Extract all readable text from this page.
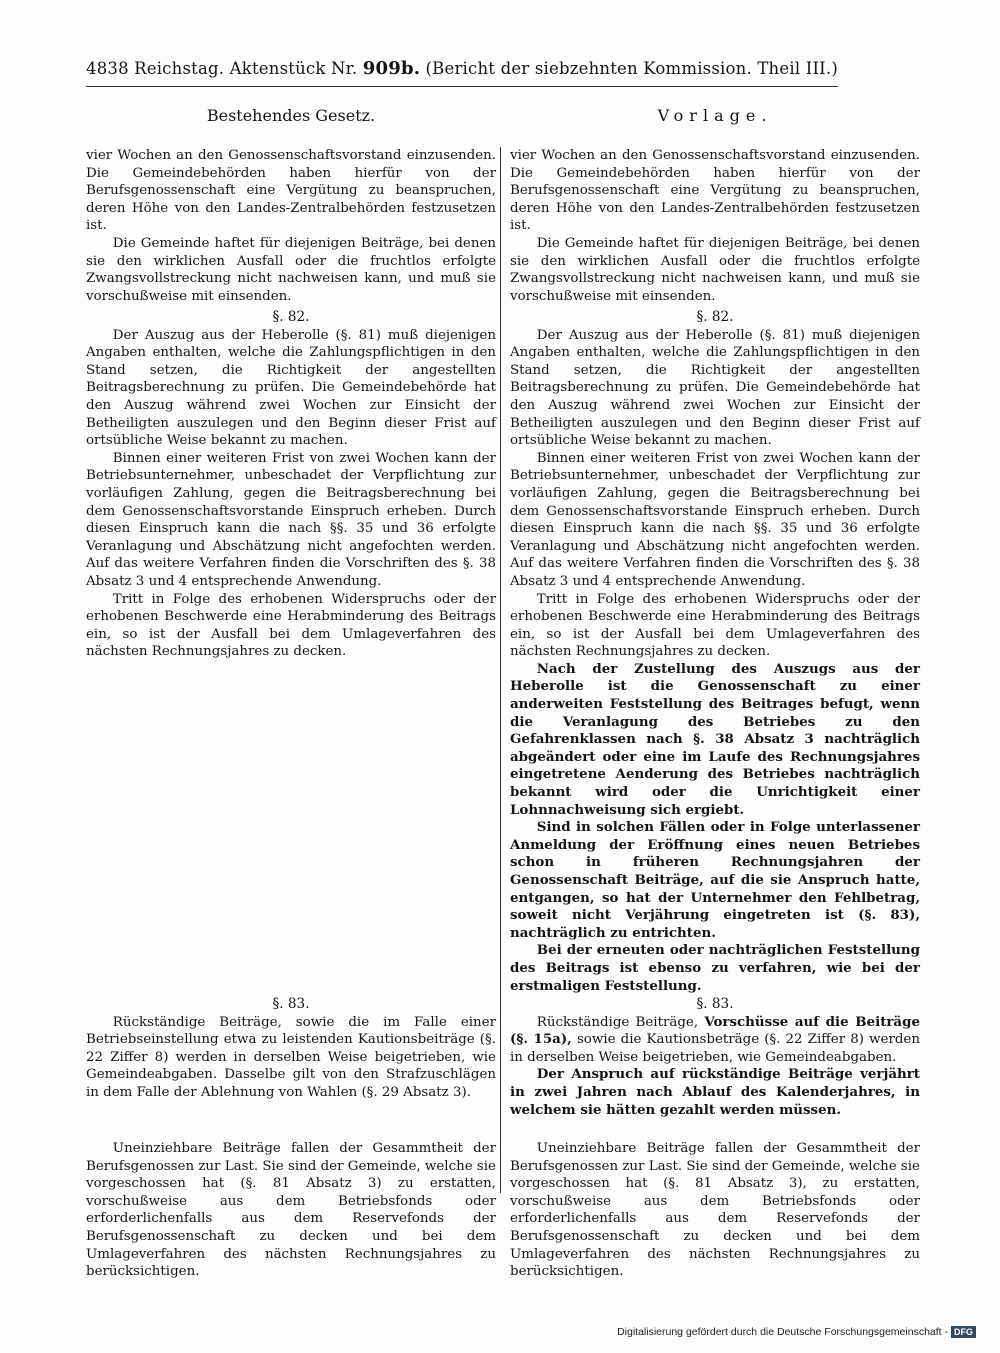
4838 Reichstag. Aktenstück Nr. 909b. (Bericht der siebzehnten Kommission. Theil III.)
Bestehendes Gesetz.	Vorlage.

vier Wochen an den Genossenschaftsvorstand einzusenden. Die Gemeindebehörden haben hierfür von der Berufsgenossenschaft eine Vergütung zu beanspruchen, deren Höhe von den Landes-Zentralbehörden festzusetzen ist.

Die Gemeinde haftet für diejenigen Beiträge, bei denen sie den wirklichen Ausfall oder die fruchtlos erfolgte Zwangsvollstreckung nicht nachweisen kann, und muß sie vorschußweise mit einsenden.

§. 82.

Der Auszug aus der Heberolle (§. 81) muß diejenigen Angaben enthalten, welche die Zahlungspflichtigen in den Stand setzen, die Richtigkeit der angestellten Beitragsberechnung zu prüfen. Die Gemeindebehörde hat den Auszug während zwei Wochen zur Einsicht der Betheiligten auszulegen und den Beginn dieser Frist auf ortsübliche Weise bekannt zu machen.

Binnen einer weiteren Frist von zwei Wochen kann der Betriebsunternehmer, unbeschadet der Verpflichtung zur vorläufigen Zahlung, gegen die Beitragsberechnung bei dem Genossenschaftsvorstande Einspruch erheben. Durch diesen Einspruch kann die nach §§. 35 und 36 erfolgte Veranlagung und Abschätzung nicht angefochten werden. Auf das weitere Verfahren finden die Vorschriften des §. 38 Absatz 3 und 4 entsprechende Anwendung.

Tritt in Folge des erhobenen Widerspruchs oder der erhobenen Beschwerde eine Herabminderung des Beitrags ein, so ist der Ausfall bei dem Umlageverfahren des nächsten Rechnungsjahres zu decken.

§. 83.

Rückständige Beiträge, sowie die im Falle einer Betriebseinstellung etwa zu leistenden Kautionsbeiträge (§. 22 Ziffer 8) werden in derselben Weise beigetrieben, wie Gemeindeabgaben. Dasselbe gilt von den Strafzuschlägen in dem Falle der Ablehnung von Wahlen (§. 29 Absatz 3).

Uneinziehbare Beiträge fallen der Gesammtheit der Berufsgenossen zur Last. Sie sind der Gemeinde, welche sie vorgeschossen hat (§. 81 Absatz 3) zu erstatten, vorschußweise aus dem Betriebsfonds oder erforderlichenfalls aus dem Reservefonds der Berufsgenossenschaft zu decken und bei dem Umlageverfahren des nächsten Rechnungsjahres zu berücksichtigen.

vier Wochen an den Genossenschaftsvorstand einzusenden. Die Gemeindebehörden haben hierfür von der Berufsgenossenschaft eine Vergütung zu beanspruchen, deren Höhe von den Landes-Zentralbehörden festzusetzen ist.

Die Gemeinde haftet für diejenigen Beiträge, bei denen sie den wirklichen Ausfall oder die fruchtlos erfolgte Zwangsvollstreckung nicht nachweisen kann, und muß sie vorschußweise mit einsenden.

§. 82.

Der Auszug aus der Heberolle (§. 81) muß diejenigen Angaben enthalten, welche die Zahlungspflichtigen in den Stand setzen, die Richtigkeit der angestellten Beitragsberechnung zu prüfen. Die Gemeindebehörde hat den Auszug während zwei Wochen zur Einsicht der Betheiligten auszulegen und den Beginn dieser Frist auf ortsübliche Weise bekannt zu machen.

Binnen einer weiteren Frist von zwei Wochen kann der Betriebsunternehmer, unbeschadet der Verpflichtung zur vorläufigen Zahlung, gegen die Beitragsberechnung bei dem Genossenschaftsvorstande Einspruch erheben. Durch diesen Einspruch kann die nach §§. 35 und 36 erfolgte Veranlagung und Abschätzung nicht angefochten werden. Auf das weitere Verfahren finden die Vorschriften des §. 38 Absatz 3 und 4 entsprechende Anwendung.

Tritt in Folge des erhobenen Widerspruchs oder der erhobenen Beschwerde eine Herabminderung des Beitrags ein, so ist der Ausfall bei dem Umlageverfahren des nächsten Rechnungsjahres zu decken.

Nach der Zustellung des Auszugs aus der Heberolle ist die Genossenschaft zu einer anderweiten Feststellung des Beitrages befugt, wenn die Veranlagung des Betriebes zu den Gefahrenklassen nach §. 38 Absatz 3 nachträglich abgeändert oder eine im Laufe des Rechnungsjahres eingetretene Aenderung des Betriebes nachträglich bekannt wird oder die Unrichtigkeit einer Lohnnachweisung sich ergiebt.

Sind in solchen Fällen oder in Folge unterlassener Anmeldung der Eröffnung eines neuen Betriebes schon in früheren Rechnungsjahren der Genossenschaft Beiträge, auf die sie Anspruch hatte, entgangen, so hat der Unternehmer den Fehlbetrag, soweit nicht Verjährung eingetreten ist (§. 83), nachträglich zu entrichten.

Bei der erneuten oder nachträglichen Feststellung des Beitrags ist ebenso zu verfahren, wie bei der erstmaligen Feststellung.

§. 83.

Rückständige Beiträge, Vorschüsse auf die Beiträge (§. 15a), sowie die Kautionsbeträge (§. 22 Ziffer 8) werden in derselben Weise beigetrieben, wie Gemeindeabgaben.

Der Anspruch auf rückständige Beiträge verjährt in zwei Jahren nach Ablauf des Kalenderjahres, in welchem sie hätten gezahlt werden müssen.

Uneinziehbare Beiträge fallen der Gesammtheit der Berufsgenossen zur Last. Sie sind der Gemeinde, welche sie vorgeschossen hat (§. 81 Absatz 3), zu erstatten, vorschußweise aus dem Betriebsfonds oder erforderlichenfalls aus dem Reservefonds der Berufsgenossenschaft zu decken und bei dem Umlageverfahren des nächsten Rechnungsjahres zu berücksichtigen.

Digitalisierung gefördert durch die Deutsche Forschungsgemeinschaft - DFG
